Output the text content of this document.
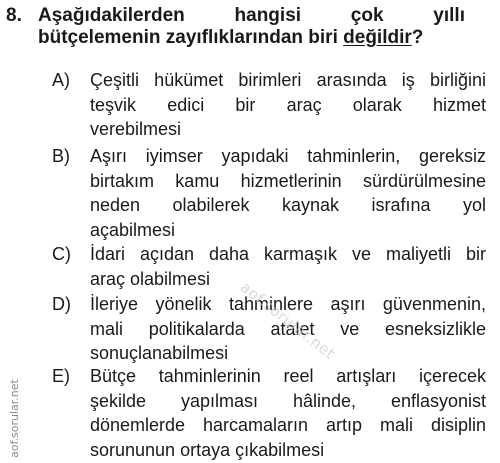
8. Aşağıdakilerden	hangisi	çok	yıllı
bütçelemenin zayıflıklarından biri değildir?
A)	Çeşitli hükümet birimleri arasında iş birliğini
teşvik edici bir araç olarak hizmet
verebilmesi
B)	Aşırı iyimser yapıdaki tahminlerin, gereksiz
birtakım kamu hizmetlerinin sürdürülmesine
neden olabilerek kaynak israfına yol
açabilmesi
C)	İdari açıdan daha karmaşık ve maliyetli bir
araç olabilmesi
D)	İleriye yönelik tahminlere aşırı güvenmenin,
mali politikalarda atalet ve esneksizlikle
sonuçlanabilmesi
E)	Bütçe tahminlerinin reel artışları içerecek
şekilde yapılması hâlinde, enflasyonist
dönemlerde harcamaların artıp mali disiplin
sorununun ortaya çıkabilmesi
aof.sorular.net
aof.sorular.net
